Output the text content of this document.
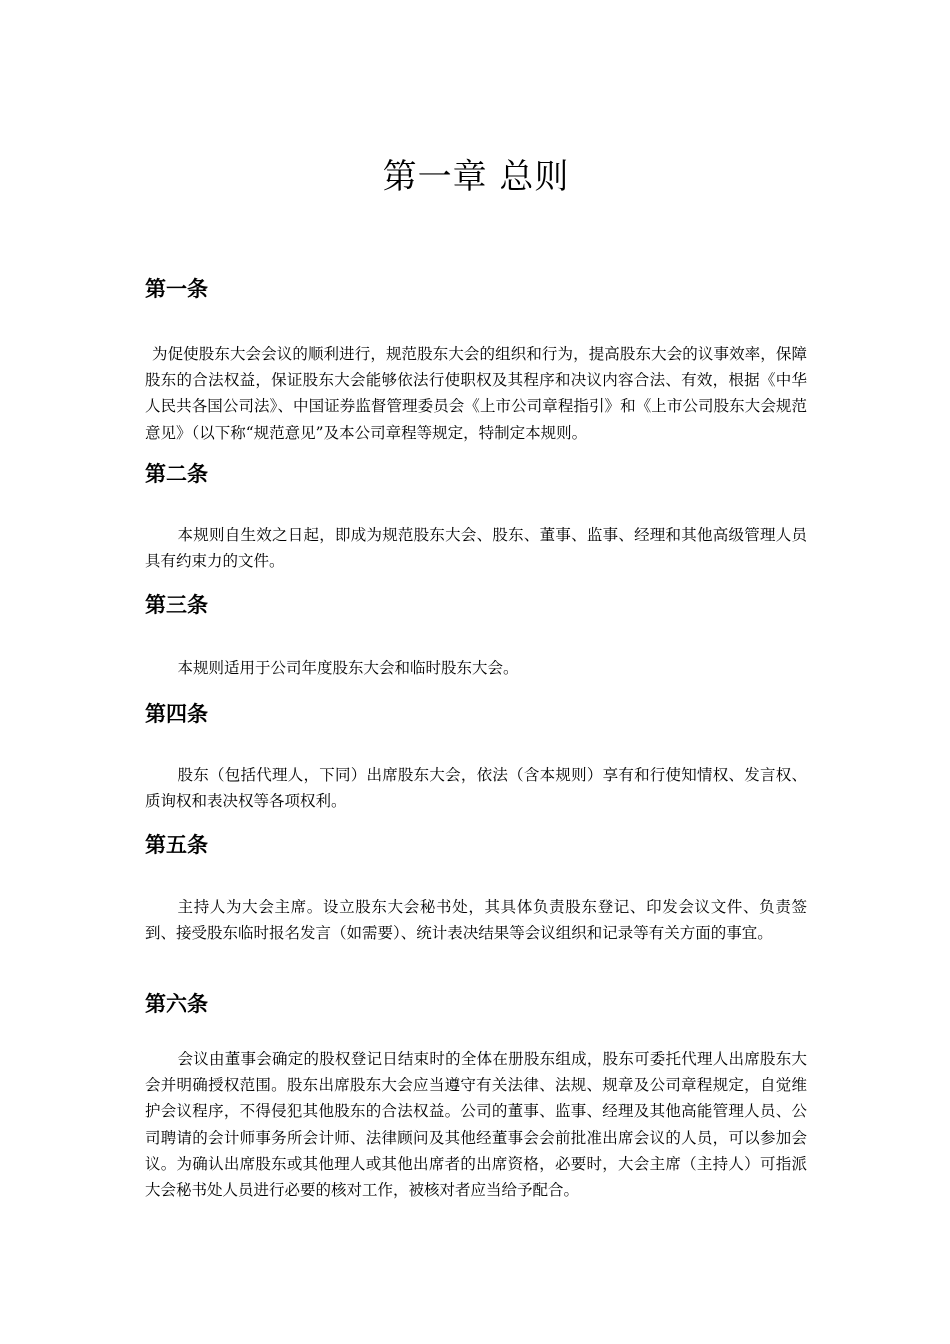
第一章 总则
第一条

为促使股东大会会议的顺利进行，规范股东大会的组织和行为，提高股东大会的议事效率，保障股东的合法权益，保证股东大会能够依法行使职权及其程序和决议内容合法、有效，根据《中华人民共各国公司法》、中国证券监督管理委员会《上市公司章程指引》和《上市公司股东大会规范意见》（以下称“规范意见”及本公司章程等规定，特制定本规则。

第二条

本规则自生效之日起，即成为规范股东大会、股东、董事、监事、经理和其他高级管理人员具有约束力的文件。

第三条

本规则适用于公司年度股东大会和临时股东大会。

第四条

股东（包括代理人，下同）出席股东大会，依法（含本规则）享有和行使知情权、发言权、质询权和表决权等各项权利。

第五条

主持人为大会主席。设立股东大会秘书处，其具体负责股东登记、印发会议文件、负责签到、接受股东临时报名发言（如需要）、统计表决结果等会议组织和记录等有关方面的事宜。

第六条

会议由董事会确定的股权登记日结束时的全体在册股东组成，股东可委托代理人出席股东大会并明确授权范围。股东出席股东大会应当遵守有关法律、法规、规章及公司章程规定，自觉维护会议程序，不得侵犯其他股东的合法权益。公司的董事、监事、经理及其他高能管理人员、公司聘请的会计师事务所会计师、法律顾问及其他经董事会会前批准出席会议的人员，可以参加会议。为确认出席股东或其他理人或其他出席者的出席资格，必要时，大会主席（主持人）可指派大会秘书处人员进行必要的核对工作，被核对者应当给予配合。
